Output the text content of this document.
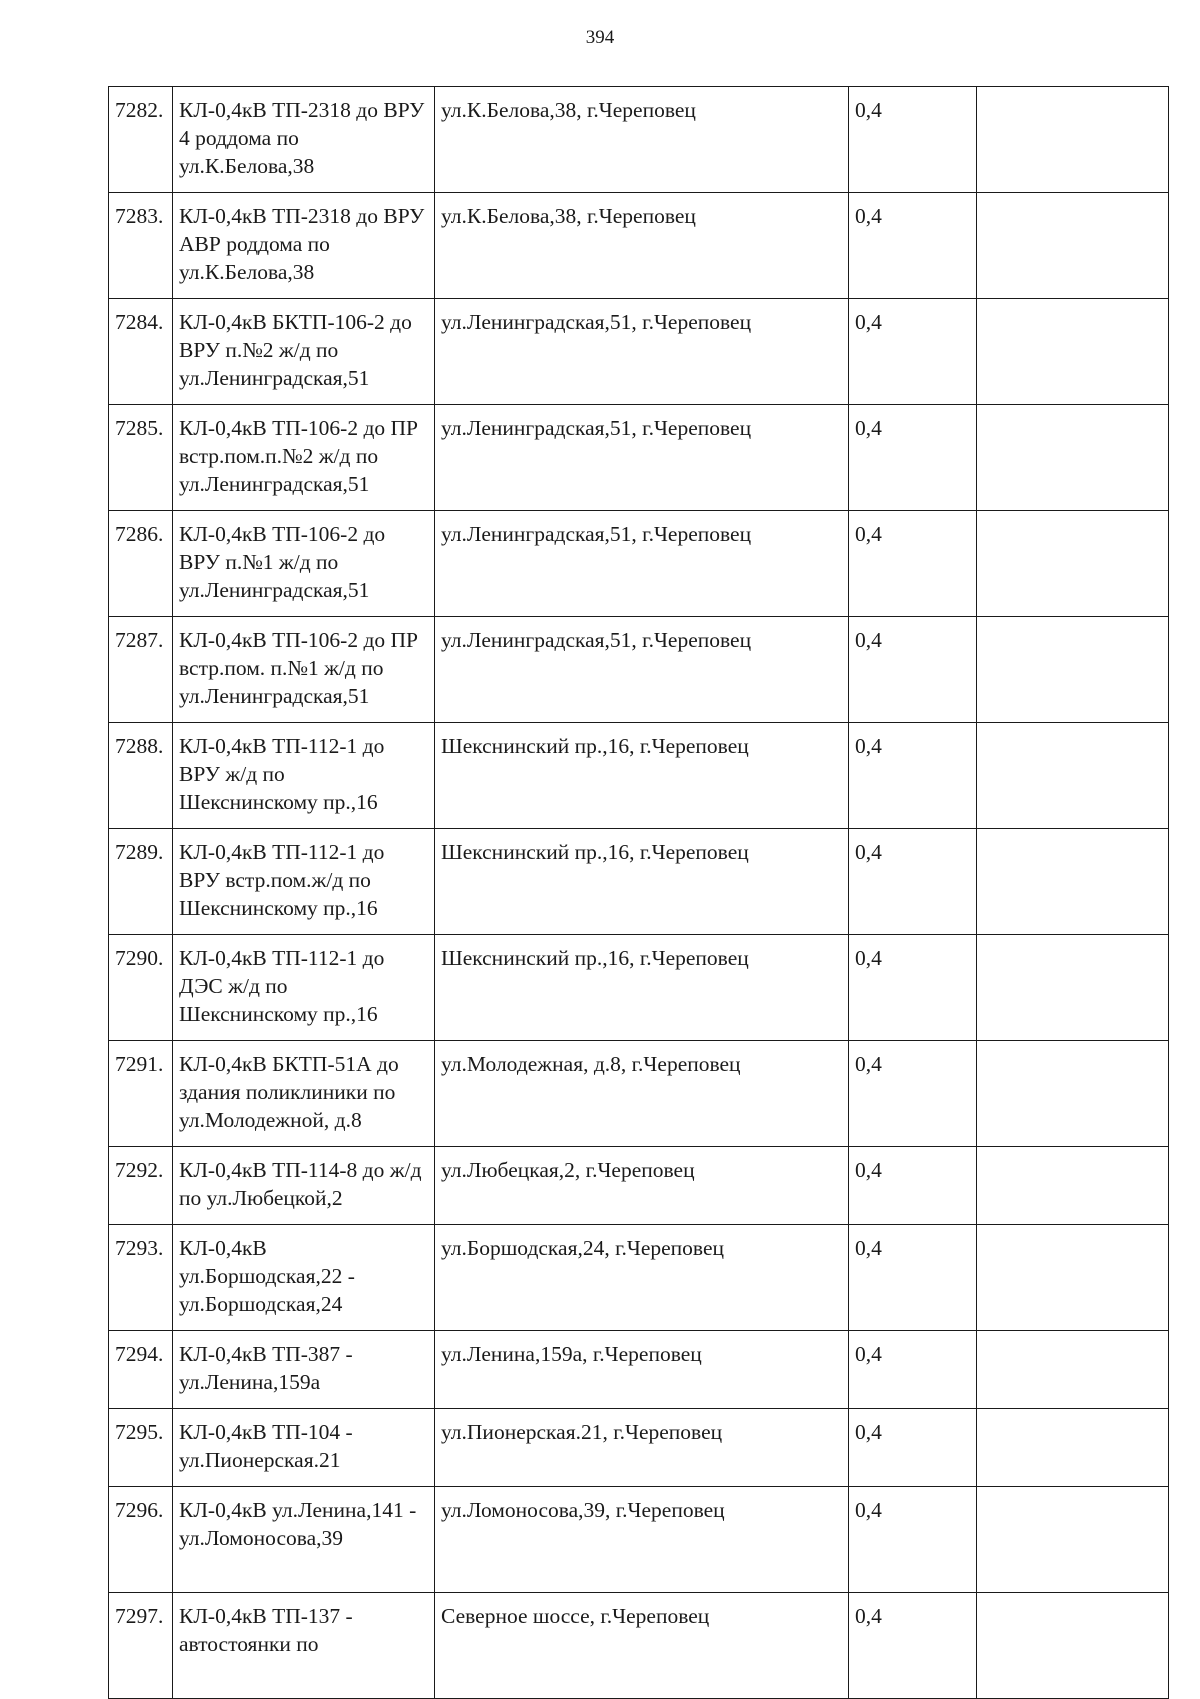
394
7282.	КЛ-0,4кВ ТП-2318 до ВРУ 4 роддома по ул.К.Белова,38	ул.К.Белова,38, г.Череповец	0,4	
7283.	КЛ-0,4кВ ТП-2318 до ВРУ АВР роддома по ул.К.Белова,38	ул.К.Белова,38, г.Череповец	0,4	
7284.	КЛ-0,4кВ БКТП-106-2 до ВРУ п.№2 ж/д по ул.Ленинградская,51	ул.Ленинградская,51, г.Череповец	0,4	
7285.	КЛ-0,4кВ ТП-106-2 до ПР встр.пом.п.№2 ж/д по ул.Ленинградская,51	ул.Ленинградская,51, г.Череповец	0,4	
7286.	КЛ-0,4кВ ТП-106-2 до ВРУ п.№1 ж/д по ул.Ленинградская,51	ул.Ленинградская,51, г.Череповец	0,4	
7287.	КЛ-0,4кВ ТП-106-2 до ПР встр.пом. п.№1 ж/д по ул.Ленинградская,51	ул.Ленинградская,51, г.Череповец	0,4	
7288.	КЛ-0,4кВ ТП-112-1 до ВРУ ж/д по Шекснинскому пр.,16	Шекснинский пр.,16, г.Череповец	0,4	
7289.	КЛ-0,4кВ ТП-112-1 до ВРУ встр.пом.ж/д по Шекснинскому пр.,16	Шекснинский пр.,16, г.Череповец	0,4	
7290.	КЛ-0,4кВ ТП-112-1 до ДЭС ж/д по Шекснинскому пр.,16	Шекснинский пр.,16, г.Череповец	0,4	
7291.	КЛ-0,4кВ БКТП-51А до здания поликлиники по ул.Молодежной, д.8	ул.Молодежная, д.8, г.Череповец	0,4	
7292.	КЛ-0,4кВ ТП-114-8 до ж/д по ул.Любецкой,2	ул.Любецкая,2, г.Череповец	0,4	
7293.	КЛ-0,4кВ ул.Боршодская,22 - ул.Боршодская,24	ул.Боршодская,24, г.Череповец	0,4	
7294.	КЛ-0,4кВ ТП-387 - ул.Ленина,159а	ул.Ленина,159а, г.Череповец	0,4	
7295.	КЛ-0,4кВ ТП-104 - ул.Пионерская.21	ул.Пионерская.21, г.Череповец	0,4	
7296.	КЛ-0,4кВ ул.Ленина,141 - ул.Ломоносова,39	ул.Ломоносова,39, г.Череповец	0,4	
7297.	КЛ-0,4кВ ТП-137 - автостоянки по	Северное шоссе, г.Череповец	0,4	
